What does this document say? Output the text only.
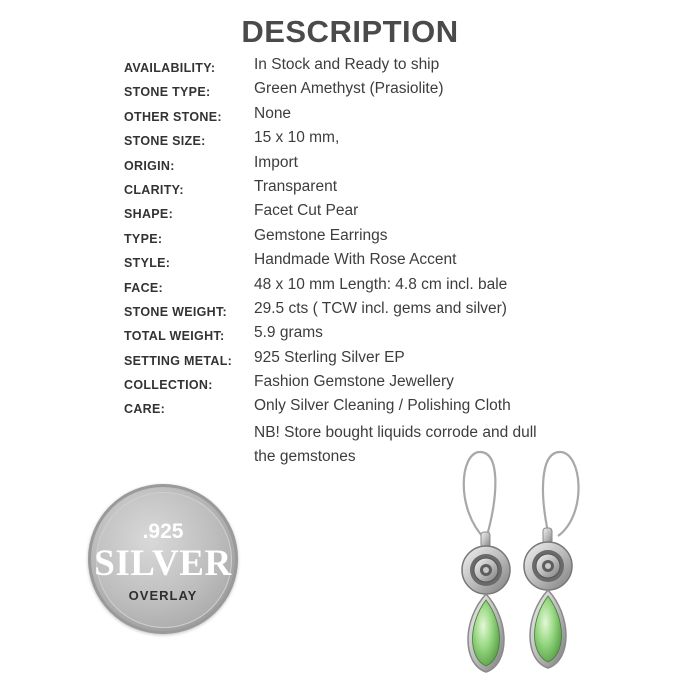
DESCRIPTION
AVAILABILITY: In Stock and Ready to ship
STONE TYPE:	Green Amethyst (Prasiolite)
OTHER STONE: None
STONE SIZE:	15 x 10 mm,
ORIGIN:	Import
CLARITY:	Transparent
SHAPE:	Facet Cut Pear
TYPE:	Gemstone Earrings
STYLE:	Handmade With Rose Accent
FACE:	48 x 10 mm Length: 4.8 cm incl. bale
STONE WEIGHT: 29.5 cts ( TCW incl. gems and silver)
TOTAL WEIGHT: 5.9 grams
SETTING METAL: 925 Sterling Silver EP
COLLECTION:	Fashion Gemstone Jewellery
CARE:	Only Silver Cleaning / Polishing Cloth
NB! Store bought liquids corrode and dull
the gemstones
.925
SILVER
OVERLAY
